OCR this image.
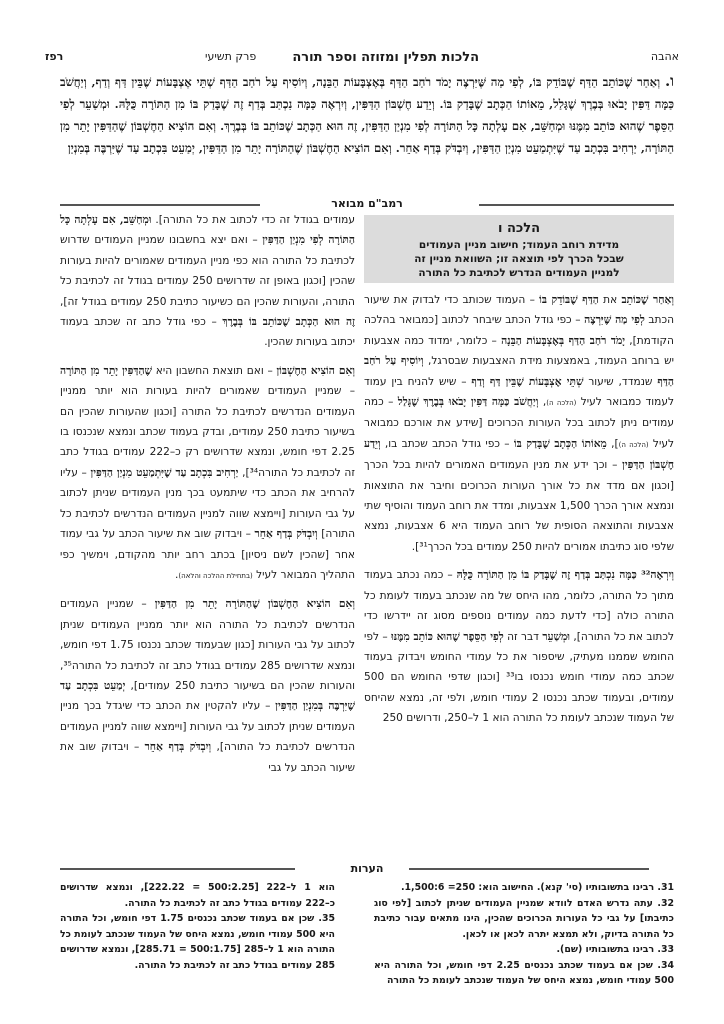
אהבה
הלכות תפלין ומזוזה וספר תורה
פרק תשיעי
רפז
ו. וְאַחַר שֶׁכּוֹתֵב הַדַּף שֶׁבּוֹדֵק בּוֹ, לְפִי מַה שֶּׁיִּרְצֶה יָמֹד רֹחַב הַדַּף בְּאֶצְבָּעוֹת הַבֵּנָה, וְיוֹסִיף עַל רֹחַב הַדַּף שְׁתֵּי אֶצְבָּעוֹת שֶׁבֵּין דַּף וְדַף, וְיַחֲשֹׁב כַּמָּה דַּפִּין יָבֹאוּ בְּבֶרֶךְ שֶׁגָּלַל, מֵאוֹתוֹ הַכְּתָב שֶׁבָּדַק בּוֹ. וְיֵדַע חֶשְׁבּוֹן הַדַּפִּין, וְיִרְאֶה כַּמָּה נִכְתַּב בְּדַף זֶה שֶׁבָּדַק בּוֹ מִן הַתּוֹרָה כֻּלָּהּ. וּמְשַׁעֵר לְפִי הַסֵּפֶר שֶׁהוּא כּוֹתֵב מִמֶּנּוּ וּמְחַשֵּׁב, אִם עָלְתָה כָּל הַתּוֹרָה לְפִי מִנְיַן הַדַּפִּין, זֶה הוּא הַכְּתָב שֶׁכּוֹתֵב בּוֹ בְּבֶרֶךְ. וְאִם הוֹצִיא הַחֶשְׁבּוֹן שֶׁהַדַּפִּין יָתֵר מִן הַתּוֹרָה, יַרְחִיב בִּכְתָב עַד שֶׁיִּתְמַעֵט מִנְיַן הַדַּפִּין, וְיִבְדֹּק בְּדַף אַחֵר. וְאִם הוֹצִיא הַחֶשְׁבּוֹן שֶׁהַתּוֹרָה יָתֵר מִן הַדַּפִּין, יְמַעֵט בִּכְתָב עַד שֶׁיִּרְבֶּה בְּמִנְיַן
רמב"ם מבואר
הלכה ו
מדידת רוחב העמוד; חישוב מניין העמודים
שבכל הכרך לפי תוצאה זו; השוואת מניין זה
למניין העמודים הנדרש לכתיבת כל התורה

וְאַחַר שֶׁכּוֹתֵב את הַדַּף שֶׁבּוֹדֵק בּוֹ – העמוד שכותב כדי לבדוק את שיעור הכתב לְפִי מַה שֶּׁיִּרְצֶה – כפי גודל הכתב שיבחר לכתוב [כמבואר בהלכה הקודמת], יָמֹד רֹחַב הַדַּף בְּאֶצְבָּעוֹת הַבֵּנָה – כלומר, ימדוד כמה אצבעות יש ברוחב העמוד, באמצעות מידת האצבעות שבסרגל, וְיוֹסִיף עַל רֹחַב הַדַּף שנמדד, שיעור שְׁתֵּי אֶצְבָּעוֹת שֶׁבֵּין דַּף וְדַף – שיש להניח בין עמוד לעמוד כמבואר לעיל (הלכה ה), וְיַחֲשֹׁב כַּמָּה דַּפִּין יָבֹאוּ בְּבֶרֶךְ שֶׁגָּלַל – כמה עמודים ניתן לכתוב בכל העורות הכרוכים [שידע את אורכם כמבואר לעיל (הלכה ה)], מֵאוֹתוֹ הַכְּתָב שֶׁבָּדַק בּוֹ – כפי גודל הכתב שכתב בו, וְיֵדַע חֶשְׁבּוֹן הַדַּפִּין – וכך ידע את מנין העמודים האמורים להיות בכל הכרך [וכגון אם מדד את כל אורך העורות הכרוכים וחיבר את התוצאות ונמצא אורך הכרך 1,500 אצבעות, ומדד את רוחב העמוד והוסיף שתי אצבעות והתוצאה הסופית של רוחב העמוד היא 6 אצבעות, נמצא שלפי סוג כתיבתו אמורים להיות 250 עמודים בכל הכרך³¹].

וְיִרְאֶה³² כַּמָּה נִכְתַּב בְּדַף זֶה שֶׁבָּדַק בּוֹ מִן הַתּוֹרָה כֻּלָּהּ – כמה נכתב בעמוד מתוך כל התורה, כלומר, מהו היחס של מה שנכתב בעמוד לעומת כל התורה כולה [כדי לדעת כמה עמודים נוספים מסוג זה יידרשו כדי לכתוב את כל התורה], וּמְשַׁעֵר דבר זה לְפִי הַסֵּפֶר שֶׁהוּא כּוֹתֵב מִמֶּנּוּ – לפי החומש שממנו מעתיק, שיספור את כל עמודי החומש ויבדוק בעמוד שכתב כמה עמודי חומש נכנסו בו³³ [וכגון שדפי החומש הם 500 עמודים, ובעמוד שכתב נכנסו 2 עמודי חומש, ולפי זה, נמצא שהיחס של העמוד שנכתב לעומת כל התורה הוא 1 ל–250, ודרושים 250

עמודים בגודל זה כדי לכתוב את כל התורה]. וּמְחַשֵּׁב, אִם עָלְתָה כָּל הַתּוֹרָה לְפִי מִנְיַן הַדַּפִּין – ואם יצא בחשבונו שמניין העמודים שדרוש לכתיבת כל התורה הוא כפי מניין העמודים שאמורים להיות בעורות שהכין [וכגון באופן זה שדרושים 250 עמודים בגודל זה לכתיבת כל התורה, והעורות שהכין הם כשיעור כתיבת 250 עמודים בגודל זה], זֶה הוּא הַכְּתָב שֶׁכּוֹתֵב בּוֹ בְּבֶרֶךְ – כפי גודל כתב זה שכתב בעמוד יכתוב בעורות שהכין.

וְאִם הוֹצִיא הַחֶשְׁבּוֹן – ואם תוצאת החשבון היא שֶׁהַדַּפִּין יָתֵר מִן הַתּוֹרָה – שמניין העמודים שאמורים להיות בעורות הוא יותר ממניין העמודים הנדרשים לכתיבת כל התורה [וכגון שהעורות שהכין הם בשיעור כתיבת 250 עמודים, ובדק בעמוד שכתב ונמצא שנכנסו בו 2.25 דפי חומש, ונמצא שדרושים רק כ–222 עמודים בגודל כתב זה לכתיבת כל התורה³⁴], יַרְחִיב בִּכְתָב עַד שֶׁיִּתְמַעֵט מִנְיַן הַדַּפִּין – עליו להרחיב את הכתב כדי שיתמעט בכך מנין העמודים שניתן לכתוב על גבי העורות [ויימצא שווה למניין העמודים הנדרשים לכתיבת כל התורה] וְיִבְדֹּק בְּדַף אַחֵר – ויבדוק שוב את שיעור הכתב על גבי עמוד אחר [שהכין לשם ניסיון] בכתב רחב יותר מהקודם, וימשיך כפי התהליך המבואר לעיל (בתחילת ההלכה והלאה).

וְאִם הוֹצִיא הַחֶשְׁבּוֹן שֶׁהַתּוֹרָה יָתֵר מִן הַדַּפִּין – שמניין העמודים הנדרשים לכתיבת כל התורה הוא יותר ממניין העמודים שניתן לכתוב על גבי העורות [כגון שבעמוד שכתב נכנסו 1.75 דפי חומש, ונמצא שדרושים 285 עמודים בגודל כתב זה לכתיבת כל התורה³⁵, והעורות שהכין הם בשיעור כתיבת 250 עמודים], יְמַעֵט בִּכְתָב עַד שֶׁיִּרְבֶּה בְּמִנְיַן הַדַּפִּין – עליו להקטין את הכתב כדי שיגדל בכך מניין העמודים שניתן לכתוב על גבי העורות [ויימצא שווה למניין העמודים הנדרשים לכתיבת כל התורה], וְיִבְדֹּק בְּדַף אַחֵר – ויבדוק שוב את שיעור הכתב על גבי

הערות

31. רבינו בתשובותיו (סי' קנא). החישוב הוא: 250= 1,500:6.

32. עתה נדרש האדם לוודא שמניין העמודים שניתן לכתוב [לפי סוג כתיבתו] על גבי כל העורות הכרוכים שהכין, הינו מתאים עבור כתיבת כל התורה בדיוק, ולא תמצא יתרה לכאן או לכאן.

33. רבינו בתשובותיו (שם).

34. שכן אם בעמוד שכתב נכנסים 2.25 דפי חומש, וכל התורה היא 500 עמודי חומש, נמצא היחס של העמוד שנכתב לעומת כל התורה

הוא 1 ל–222 [500:2.25 = 222.22], ונמצא שדרושים כ–222 עמודים בגודל כתב זה לכתיבת כל התורה.

35. שכן אם בעמוד שכתב נכנסים 1.75 דפי חומש, וכל התורה היא 500 עמודי חומש, נמצא היחס של העמוד שנכתב לעומת כל התורה הוא 1 ל–285 [500:1.75 = 285.71], ונמצא שדרושים 285 עמודים בגודל כתב זה לכתיבת כל התורה.
